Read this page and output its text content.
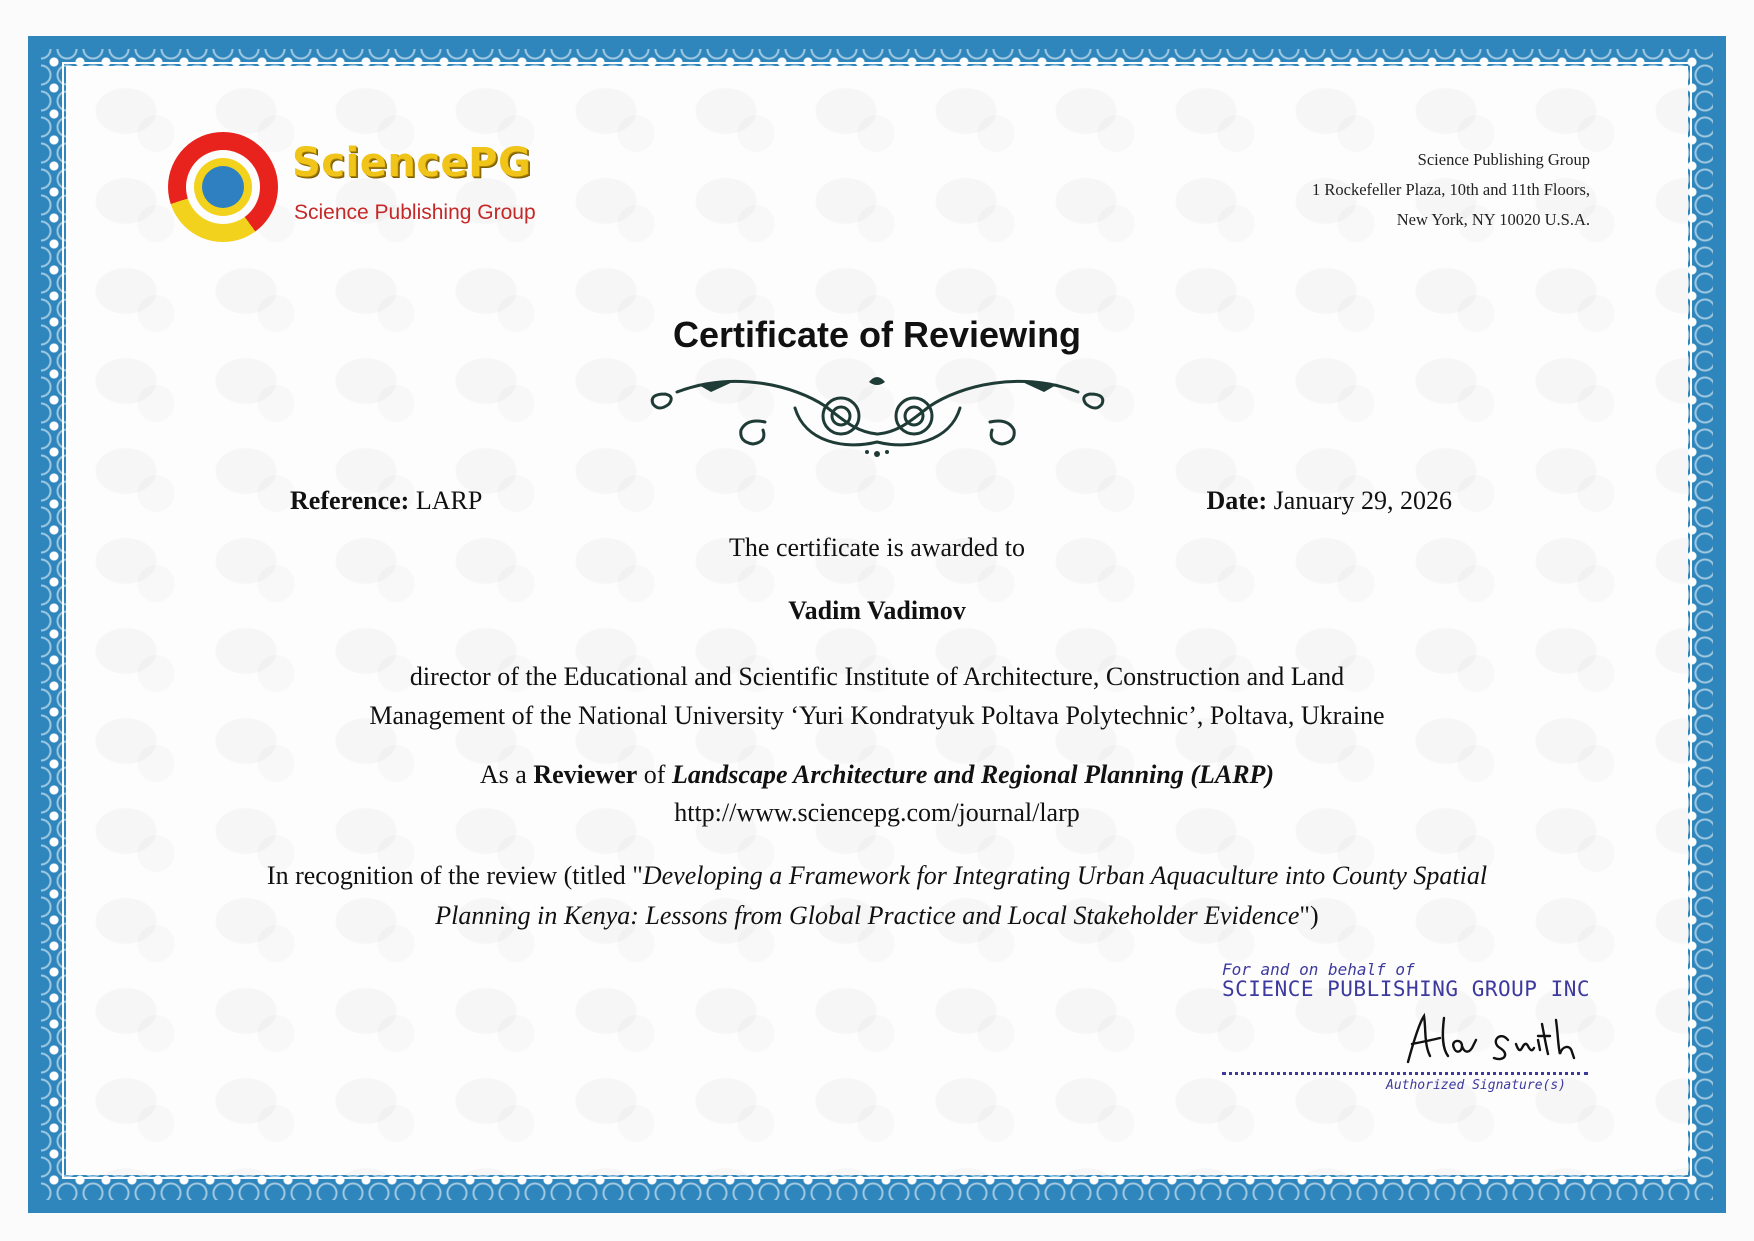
SciencePG
Science Publishing Group
Science Publishing Group
1 Rockefeller Plaza, 10th and 11th Floors,
New York, NY 10020 U.S.A.
Certificate of Reviewing
Reference: LARP	Date: January 29, 2026
The certificate is awarded to
Vadim Vadimov
director of the Educational and Scientific Institute of Architecture, Construction and Land
Management of the National University ‘Yuri Kondratyuk Poltava Polytechnic’, Poltava, Ukraine
As a Reviewer of Landscape Architecture and Regional Planning (LARP)
http://www.sciencepg.com/journal/larp
In recognition of the review (titled "Developing a Framework for Integrating Urban Aquaculture into County Spatial
Planning in Kenya: Lessons from Global Practice and Local Stakeholder Evidence")
For and on behalf of
SCIENCE PUBLISHING GROUP INC
Authorized Signature(s)
